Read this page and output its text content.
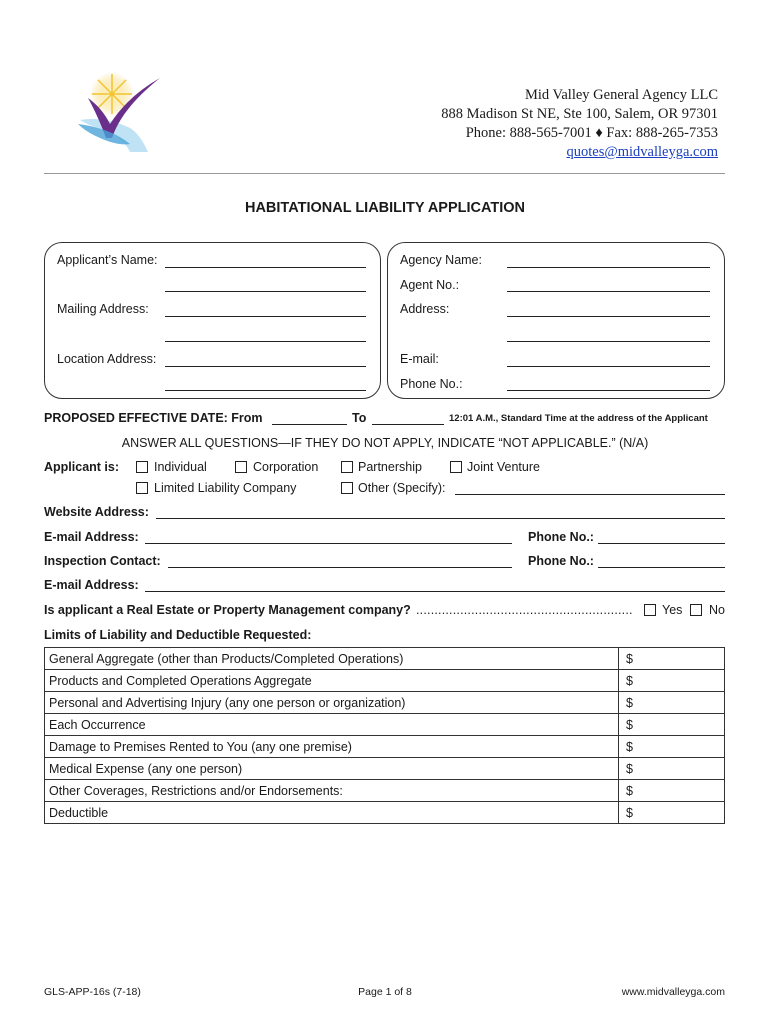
Mid Valley General Agency LLC
888 Madison St NE, Ste 100, Salem, OR 97301
Phone: 888-565-7001 ♦ Fax: 888-265-7353
quotes@midvalleyga.com
HABITATIONAL LIABILITY APPLICATION
Applicant’s Name:
Mailing Address:
Location Address:
Agency Name:
Agent No.:
Address:
E-mail:
Phone No.:
PROPOSED EFFECTIVE DATE: From	To	12:01 A.M., Standard Time at the address of the Applicant
ANSWER ALL QUESTIONS—IF THEY DO NOT APPLY, INDICATE “NOT APPLICABLE.” (N/A)
Applicant is:	Individual	Corporation	Partnership	Joint Venture
Limited Liability Company	Other (Specify):
Website Address:
E-mail Address:	Phone No.:
Inspection Contact:	Phone No.:
E-mail Address:
Is applicant a Real Estate or Property Management company? ........................................................... Yes No
Limits of Liability and Deductible Requested:
General Aggregate (other than Products/Completed Operations)	$
Products and Completed Operations Aggregate	$
Personal and Advertising Injury (any one person or organization)	$
Each Occurrence	$
Damage to Premises Rented to You (any one premise)	$
Medical Expense (any one person)	$
Other Coverages, Restrictions and/or Endorsements:	$
Deductible	$
GLS-APP-16s (7-18)	Page 1 of 8	www.midvalleyga.com
